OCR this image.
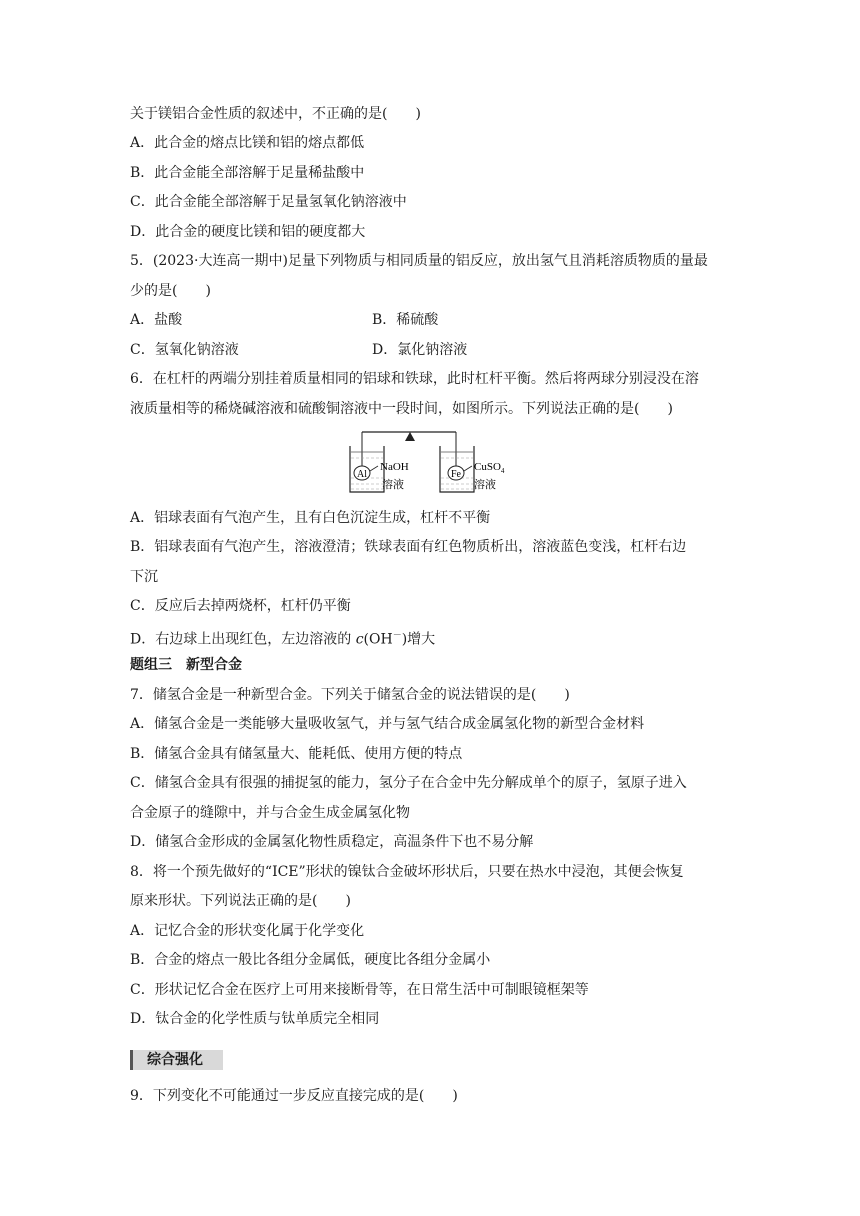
关于镁铝合金性质的叙述中，不正确的是(　　)
A．此合金的熔点比镁和铝的熔点都低
B．此合金能全部溶解于足量稀盐酸中
C．此合金能全部溶解于足量氢氧化钠溶液中
D．此合金的硬度比镁和铝的硬度都大
5．(2023·大连高一期中)足量下列物质与相同质量的铝反应，放出氢气且消耗溶质物质的量最
少的是(　　)
A．盐酸	B．稀硫酸
C．氢氧化钠溶液	D．氯化钠溶液
6．在杠杆的两端分别挂着质量相同的铝球和铁球，此时杠杆平衡。然后将两球分别浸没在溶
液质量相等的稀烧碱溶液和硫酸铜溶液中一段时间，如图所示。下列说法正确的是(　　)
Al
NaOH
溶液
Fe
CuSO$_4$
溶液
A．铝球表面有气泡产生，且有白色沉淀生成，杠杆不平衡
B．铝球表面有气泡产生，溶液澄清；铁球表面有红色物质析出，溶液蓝色变浅，杠杆右边
下沉
C．反应后去掉两烧杯，杠杆仍平衡
D．右边球上出现红色，左边溶液的 c(OH－)增大
题组三　新型合金
7．储氢合金是一种新型合金。下列关于储氢合金的说法错误的是(　　)
A．储氢合金是一类能够大量吸收氢气，并与氢气结合成金属氢化物的新型合金材料
B．储氢合金具有储氢量大、能耗低、使用方便的特点
C．储氢合金具有很强的捕捉氢的能力，氢分子在合金中先分解成单个的原子，氢原子进入
合金原子的缝隙中，并与合金生成金属氢化物
D．储氢合金形成的金属氢化物性质稳定，高温条件下也不易分解
8．将一个预先做好的“ICE”形状的镍钛合金破坏形状后，只要在热水中浸泡，其便会恢复
原来形状。下列说法正确的是(　　)
A．记忆合金的形状变化属于化学变化
B．合金的熔点一般比各组分金属低，硬度比各组分金属小
C．形状记忆合金在医疗上可用来接断骨等，在日常生活中可制眼镜框架等
D．钛合金的化学性质与钛单质完全相同
综合强化
9．下列变化不可能通过一步反应直接完成的是(　　)
